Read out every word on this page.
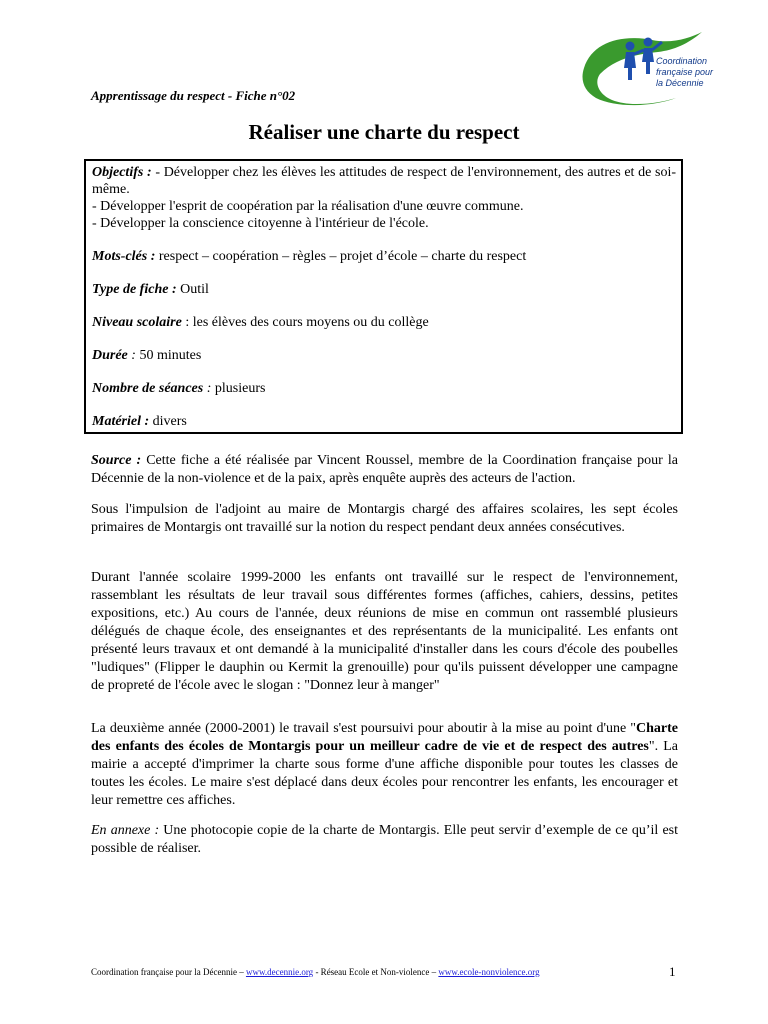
Coordination
française pour
la Décennie
Apprentissage du respect - Fiche n°02
Réaliser une charte du respect

Objectifs : - Développer chez les élèves les attitudes de respect de l'environnement, des autres et de soi-même.

- Développer l'esprit de coopération par la réalisation d'une œuvre commune.

- Développer la conscience citoyenne à l'intérieur de l'école.

Mots-clés : respect – coopération – règles – projet d’école – charte du respect

Type de fiche : Outil

Niveau scolaire : les élèves des cours moyens ou du collège

Durée : 50 minutes

Nombre de séances : plusieurs

Matériel : divers

Source : Cette fiche a été réalisée par Vincent Roussel, membre de la Coordination française pour la Décennie de la non-violence et de la paix, après enquête auprès des acteurs de l'action.

Sous l'impulsion de l'adjoint au maire de Montargis chargé des affaires scolaires, les sept écoles primaires de Montargis ont travaillé sur la notion du respect pendant deux années consécutives.

Durant l'année scolaire 1999-2000 les enfants ont travaillé sur le respect de l'environnement, rassemblant les résultats de leur travail sous différentes formes (affiches, cahiers, dessins, petites expositions, etc.) Au cours de l'année, deux réunions de mise en commun ont rassemblé plusieurs délégués de chaque école, des enseignantes et des représentants de la municipalité. Les enfants ont présenté leurs travaux et ont demandé à la municipalité d'installer dans les cours d'école des poubelles "ludiques" (Flipper le dauphin ou Kermit la grenouille) pour qu'ils puissent développer une campagne de propreté de l'école avec le slogan : "Donnez leur à manger"

La deuxième année (2000-2001) le travail s'est poursuivi pour aboutir à la mise au point d'une "Charte des enfants des écoles de Montargis pour un meilleur cadre de vie et de respect des autres". La mairie a accepté d'imprimer la charte sous forme d'une affiche disponible pour toutes les classes de toutes les écoles. Le maire s'est déplacé dans deux écoles pour rencontrer les enfants, les encourager et leur remettre ces affiches.

En annexe : Une photocopie copie de la charte de Montargis. Elle peut servir d’exemple de ce qu’il est possible de réaliser.

Coordination française pour la Décennie – www.decennie.org - Réseau Ecole et Non-violence – www.ecole-nonviolence.org	1
